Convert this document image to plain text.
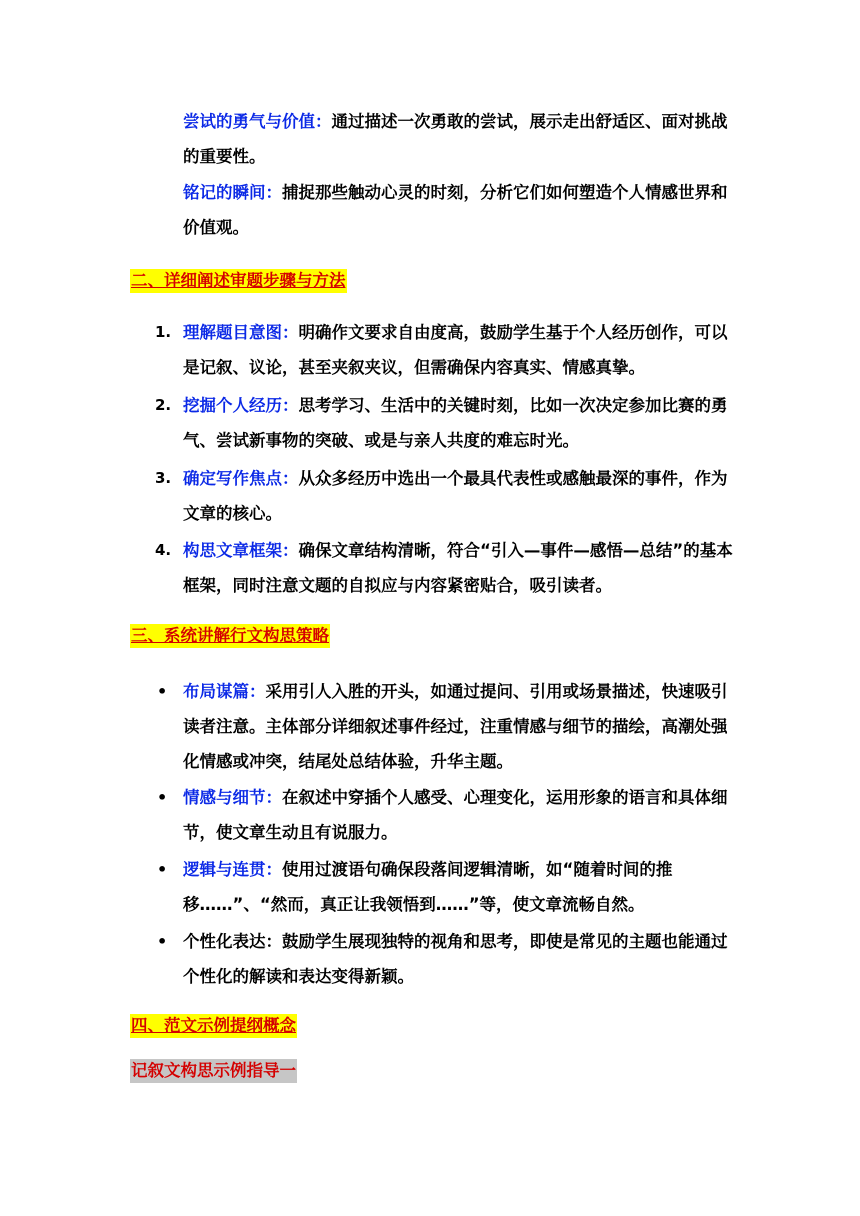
尝试的勇气与价值：通过描述一次勇敢的尝试，展示走出舒适区、面对挑战的重要性。

铭记的瞬间：捕捉那些触动心灵的时刻，分析它们如何塑造个人情感世界和价值观。

二、详细阐述审题步骤与方法
1. 理解题目意图：明确作文要求自由度高，鼓励学生基于个人经历创作，可以是记叙、议论，甚至夹叙夹议，但需确保内容真实、情感真挚。

2. 挖掘个人经历：思考学习、生活中的关键时刻，比如一次决定参加比赛的勇气、尝试新事物的突破、或是与亲人共度的难忘时光。

3. 确定写作焦点：从众多经历中选出一个最具代表性或感触最深的事件，作为文章的核心。

4. 构思文章框架：确保文章结构清晰，符合“引入—事件—感悟—总结”的基本框架，同时注意文题的自拟应与内容紧密贴合，吸引读者。

三、系统讲解行文构思策略
• 布局谋篇：采用引人入胜的开头，如通过提问、引用或场景描述，快速吸引读者注意。主体部分详细叙述事件经过，注重情感与细节的描绘，高潮处强化情感或冲突，结尾处总结体验，升华主题。

• 情感与细节：在叙述中穿插个人感受、心理变化，运用形象的语言和具体细节，使文章生动且有说服力。

• 逻辑与连贯：使用过渡语句确保段落间逻辑清晰，如“随着时间的推移……”、“然而，真正让我领悟到……”等，使文章流畅自然。

• 个性化表达：鼓励学生展现独特的视角和思考，即使是常见的主题也能通过个性化的解读和表达变得新颖。

四、范文示例提纲概念
记叙文构思示例指导一
